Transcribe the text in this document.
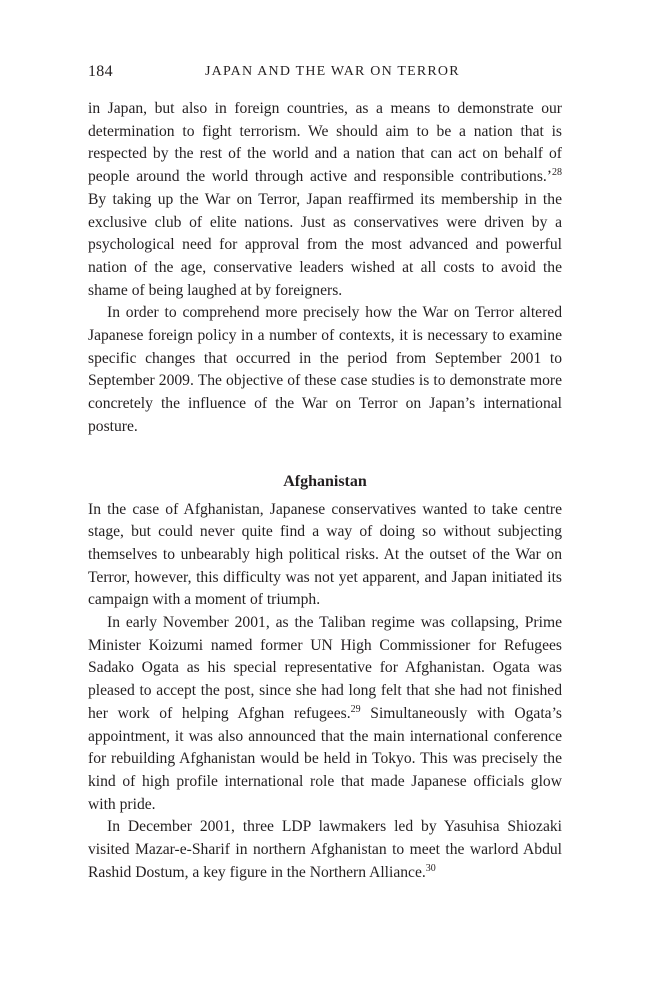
184	JAPAN AND THE WAR ON TERROR

in Japan, but also in foreign countries, as a means to demonstrate our determination to fight terrorism. We should aim to be a nation that is respected by the rest of the world and a nation that can act on behalf of people around the world through active and responsible contributions.’$^{28}$ By taking up the War on Terror, Japan reaffirmed its membership in the exclusive club of elite nations. Just as conservatives were driven by a psychological need for approval from the most advanced and powerful nation of the age, conservative leaders wished at all costs to avoid the shame of being laughed at by foreigners.

In order to comprehend more precisely how the War on Terror altered Japanese foreign policy in a number of contexts, it is necessary to examine specific changes that occurred in the period from September 2001 to September 2009. The objective of these case studies is to demonstrate more concretely the influence of the War on Terror on Japan’s international posture.

Afghanistan

In the case of Afghanistan, Japanese conservatives wanted to take centre stage, but could never quite find a way of doing so without subjecting themselves to unbearably high political risks. At the outset of the War on Terror, however, this difficulty was not yet apparent, and Japan initiated its campaign with a moment of triumph.

In early November 2001, as the Taliban regime was collapsing, Prime Minister Koizumi named former UN High Commissioner for Refugees Sadako Ogata as his special representative for Afghanistan. Ogata was pleased to accept the post, since she had long felt that she had not finished her work of helping Afghan refugees.$^{29}$ Simultaneously with Ogata’s appointment, it was also announced that the main international conference for rebuilding Afghanistan would be held in Tokyo. This was precisely the kind of high profile international role that made Japanese officials glow with pride.

In December 2001, three LDP lawmakers led by Yasuhisa Shiozaki visited Mazar-e-Sharif in northern Afghanistan to meet the warlord Abdul Rashid Dostum, a key figure in the Northern Alliance.$^{30}$
